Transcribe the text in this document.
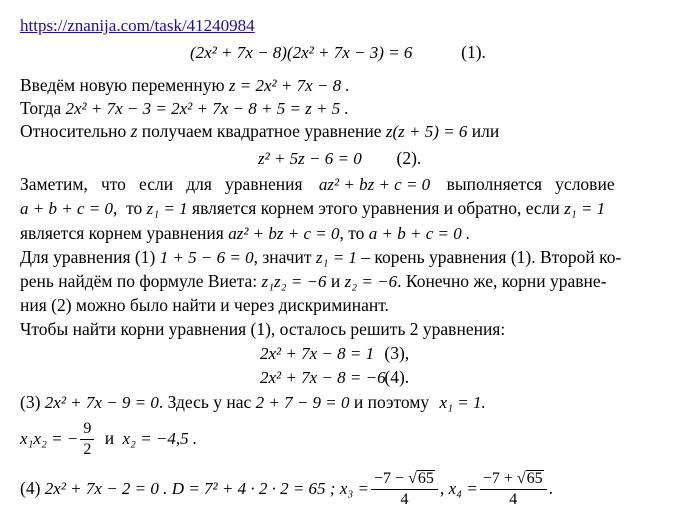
https://znanija.com/task/41240984
(2x² + 7x − 8)(2x² + 7x − 3) = 6	(1).
Введём новую переменную z = 2x² + 7x − 8 .
Тогда 2x² + 7x − 3 = 2x² + 7x − 8 + 5 = z + 5 .
Относительно z получаем квадратное уравнение z(z + 5) = 6 или
z² + 5z − 6 = 0 (2).
Заметим,   что   если   для   уравнения az² + bz + c = 0 выполняется   условие
a + b + c = 0,  то z₁ = 1 является корнем этого уравнения и обратно, если z₁ = 1
является корнем уравнения az² + bz + c = 0, то a + b + c = 0 .
Для уравнения (1) 1 + 5 − 6 = 0, значит z₁ = 1 – корень уравнения (1). Второй ко-
рень найдём по формуле Виета: z₁z₂ = −6 и z₂ = −6. Конечно же, корни уравне-
ния (2) можно было найти и через дискриминант.
Чтобы найти корни уравнения (1), осталось решить 2 уравнения:
2x² + 7x − 8 = 1 (3),
2x² + 7x − 8 = −6 (4).
(3) 2x² + 7x − 9 = 0. Здесь у нас 2 + 7 − 9 = 0 и поэтому x₁ = 1.
x₁x₂ = − $\frac{9}{2}$ и x₂ = −4,5 .
(4) 2x² + 7x − 2 = 0 . D = 7² + 4 · 2 · 2 = 65 ; $x_3 = \frac{-7 - √65}{4}$ , $x_4 = \frac{-7 + √65}{4}$ .
